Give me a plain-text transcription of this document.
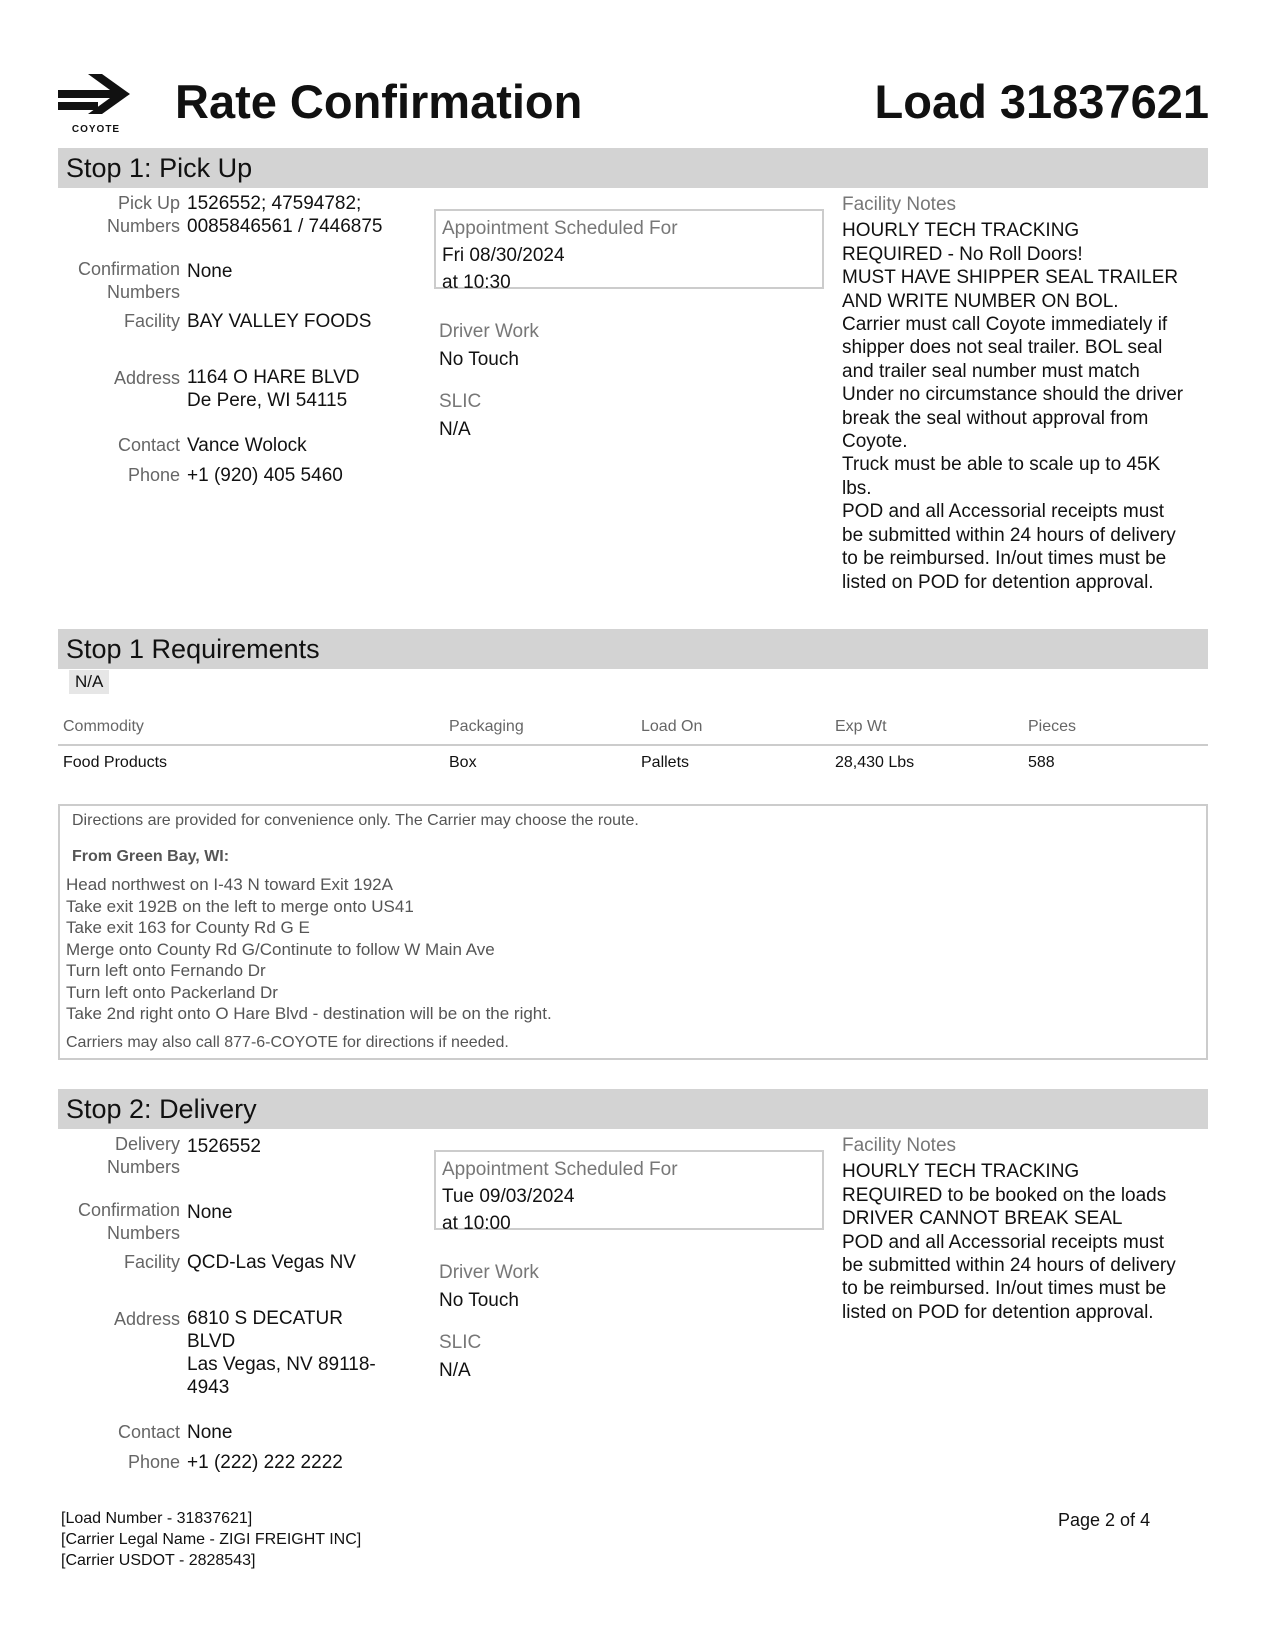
COYOTE
Rate Confirmation	Load 31837621
Stop 1: Pick Up
Pick Up
Numbers
1526552; 47594782;
0085846561 / 7446875
Confirmation
Numbers
None
Facility BAY VALLEY FOODS
Address 1164 O HARE BLVD
De Pere, WI 54115
Contact Vance Wolock
Phone +1 (920) 405 5460
Appointment Scheduled For
Fri 08/30/2024
at 10:30
Driver Work
No Touch
SLIC
N/A
Facility Notes
HOURLY TECH TRACKING
REQUIRED - No Roll Doors!
MUST HAVE SHIPPER SEAL TRAILER
AND WRITE NUMBER ON BOL.
Carrier must call Coyote immediately if
shipper does not seal trailer. BOL seal
and trailer seal number must match
Under no circumstance should the driver
break the seal without approval from
Coyote.
Truck must be able to scale up to 45K
lbs.
POD and all Accessorial receipts must
be submitted within 24 hours of delivery
to be reimbursed. In/out times must be
listed on POD for detention approval.
Stop 1 Requirements
N/A
Commodity	Packaging	Load On	Exp Wt	Pieces
Food Products	Box	Pallets	28,430 Lbs	588
Directions are provided for convenience only. The Carrier may choose the route.
From Green Bay, WI:
Head northwest on I-43 N toward Exit 192A
Take exit 192B on the left to merge onto US41
Take exit 163 for County Rd G E
Merge onto County Rd G/Continute to follow W Main Ave
Turn left onto Fernando Dr
Turn left onto Packerland Dr
Take 2nd right onto O Hare Blvd - destination will be on the right.
Carriers may also call 877-6-COYOTE for directions if needed.
Stop 2: Delivery
Delivery
Numbers
1526552
Confirmation
Numbers
None
Facility QCD-Las Vegas NV
Address 6810 S DECATUR
BLVD
Las Vegas, NV 89118-
4943
Contact None
Phone +1 (222) 222 2222
Appointment Scheduled For
Tue 09/03/2024
at 10:00
Driver Work
No Touch
SLIC
N/A
Facility Notes
HOURLY TECH TRACKING
REQUIRED to be booked on the loads
DRIVER CANNOT BREAK SEAL
POD and all Accessorial receipts must
be submitted within 24 hours of delivery
to be reimbursed. In/out times must be
listed on POD for detention approval.
[Load Number - 31837621]
[Carrier Legal Name - ZIGI FREIGHT INC]
[Carrier USDOT - 2828543]
Page 2 of 4
